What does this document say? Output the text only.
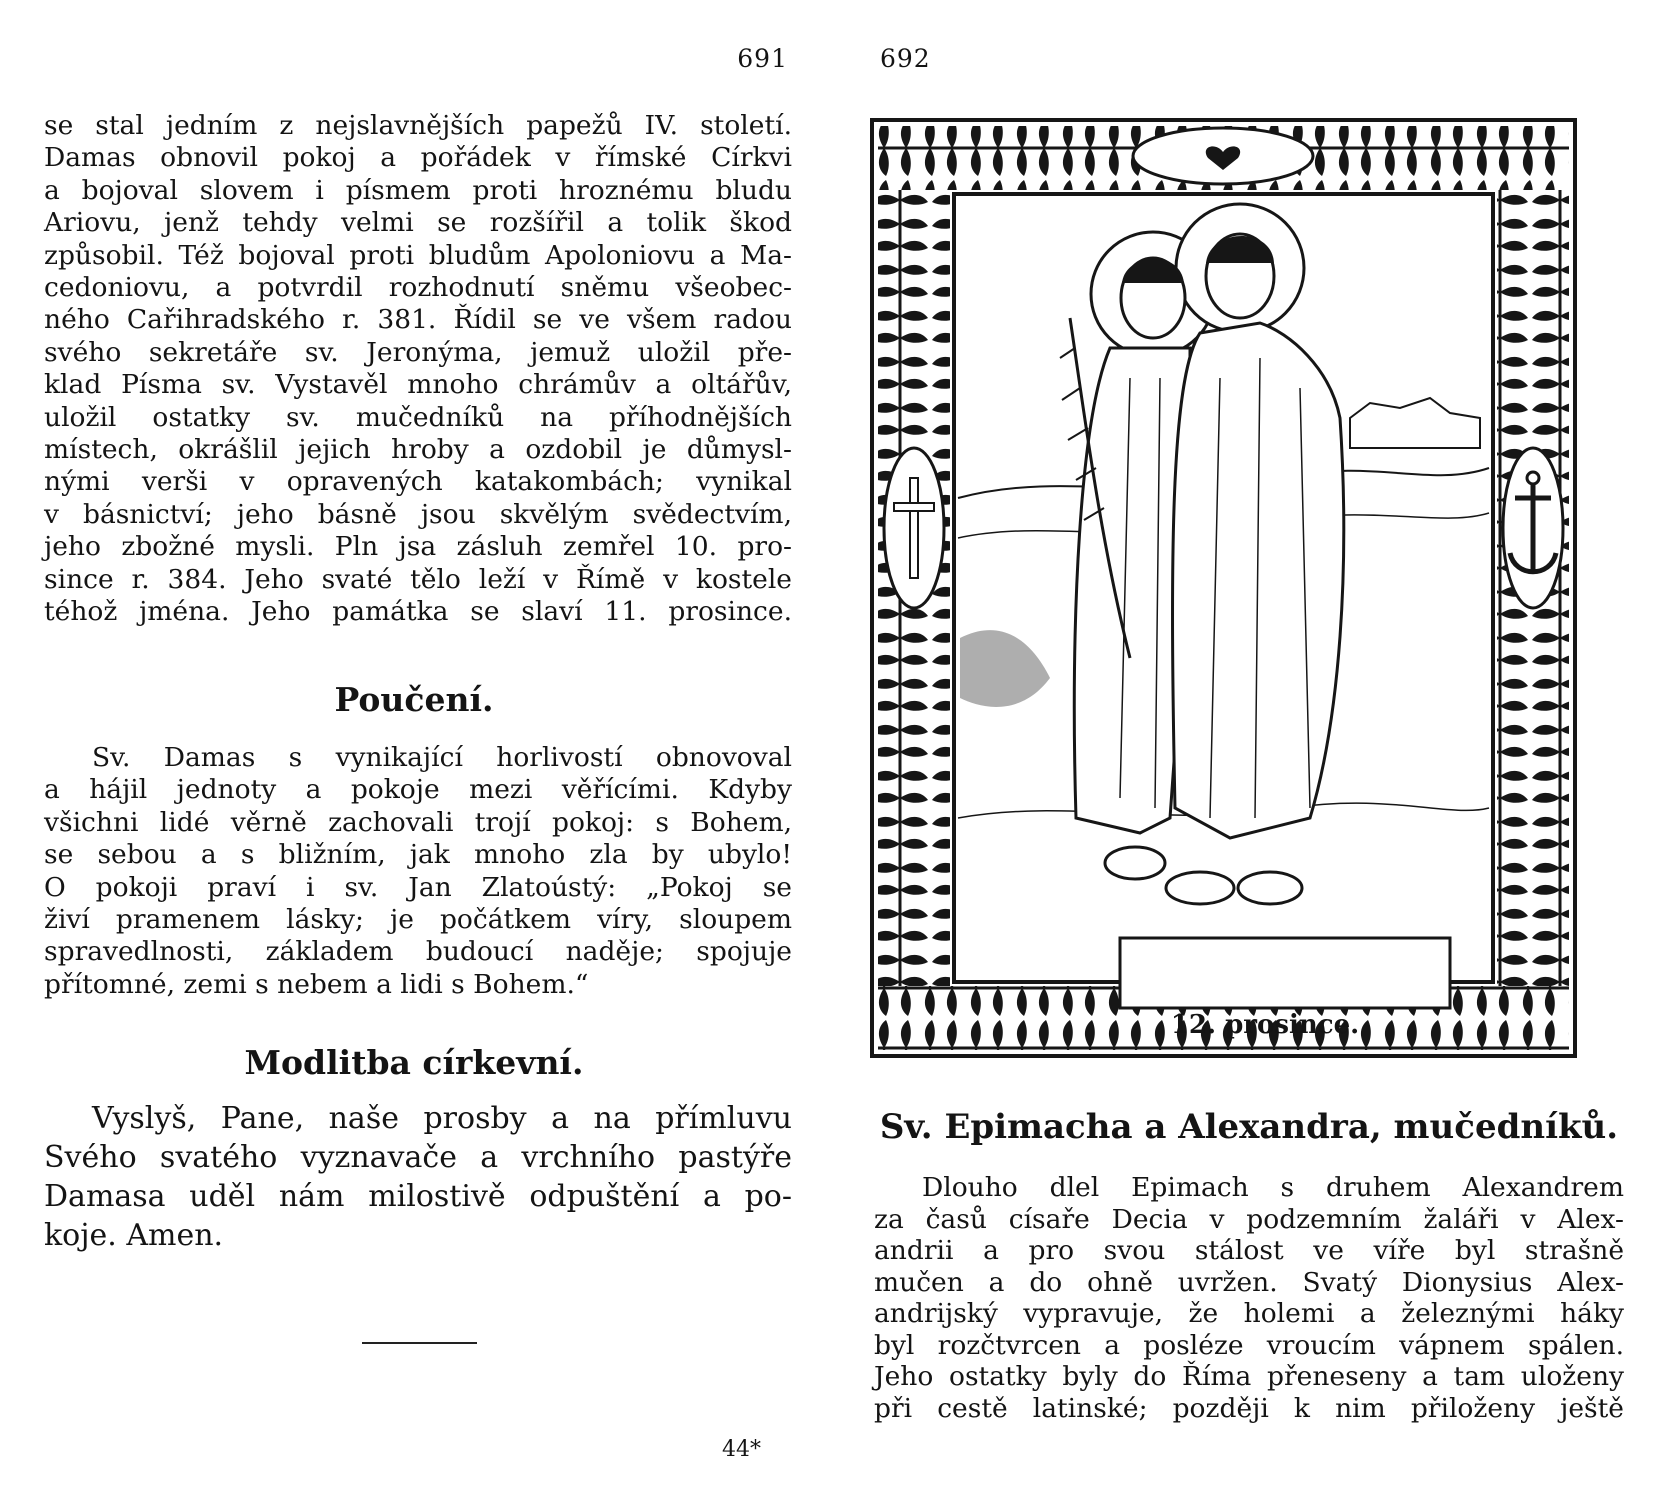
691
se stal jedním z nejslavnějších papežů IV. století.
Damas obnovil pokoj a pořádek v římské Církvi
a bojoval slovem i písmem proti hroznému bludu
Ariovu, jenž tehdy velmi se rozšířil a tolik škod
způsobil. Též bojoval proti bludům Apoloniovu a Ma-
cedoniovu, a potvrdil rozhodnutí sněmu všeobec-
ného Cařihradského r. 381. Řídil se ve všem radou
svého sekretáře sv. Jeronýma, jemuž uložil pře-
klad Písma sv. Vystavěl mnoho chrámův a oltářův,
uložil ostatky sv. mučedníků na příhodnějších
místech, okrášlil jejich hroby a ozdobil je důmysl-
nými verši v opravených katakombách; vynikal
v básnictví; jeho básně jsou skvělým svědectvím,
jeho zbožné mysli. Pln jsa zásluh zemřel 10. pro-
since r. 384. Jeho svaté tělo leží v Římě v kostele
téhož jména. Jeho památka se slaví 11. prosince.
Poučení.
Sv. Damas s vynikající horlivostí obnovoval
a hájil jednoty a pokoje mezi věřícími. Kdyby
všichni lidé věrně zachovali trojí pokoj: s Bohem,
se sebou a s bližním, jak mnoho zla by ubylo!
O pokoji praví i sv. Jan Zlatoústý: „Pokoj se
živí pramenem lásky; je počátkem víry, sloupem
spravedlnosti, základem budoucí naděje; spojuje
přítomné, zemi s nebem a lidi s Bohem.“
Modlitba církevní.
Vyslyš, Pane, naše prosby a na přímluvu
Svého svatého vyznavače a vrchního pastýře
Damasa uděl nám milostivě odpuštění a po-
koje. Amen.
44*
692
12. prosince.
Sv. Epimacha a Alexandra, mučedníků.
Dlouho dlel Epimach s druhem Alexandrem
za časů císaře Decia v podzemním žaláři v Alex-
andrii a pro svou stálost ve víře byl strašně
mučen a do ohně uvržen. Svatý Dionysius Alex-
andrijský vypravuje, že holemi a železnými háky
byl rozčtvrcen a posléze vroucím vápnem spálen.
Jeho ostatky byly do Říma přeneseny a tam uloženy
při cestě latinské; později k nim přiloženy ještě
